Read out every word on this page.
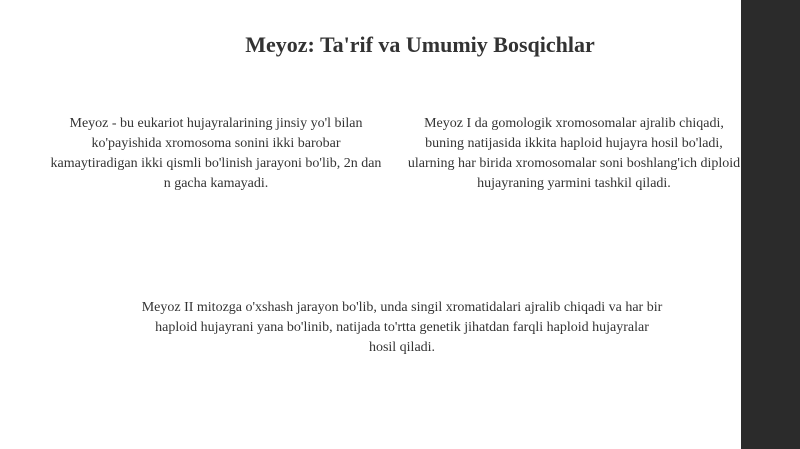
Meyoz: Ta'rif va Umumiy Bosqichlar
Meyoz - bu eukariot hujayralarining jinsiy yo'l bilan ko'payishida xromosoma sonini ikki barobar kamaytiradigan ikki qismli bo'linish jarayoni bo'lib, 2n dan n gacha kamayadi.
Meyoz I da gomologik xromosomalar ajralib chiqadi, buning natijasida ikkita haploid hujayra hosil bo'ladi, ularning har birida xromosomalar soni boshlang'ich diploid hujayraning yarmini tashkil qiladi.
Meyoz II mitozga o'xshash jarayon bo'lib, unda singil xromatidalari ajralib chiqadi va har bir haploid hujayrani yana bo'linib, natijada to'rtta genetik jihatdan farqli haploid hujayralar hosil qiladi.
